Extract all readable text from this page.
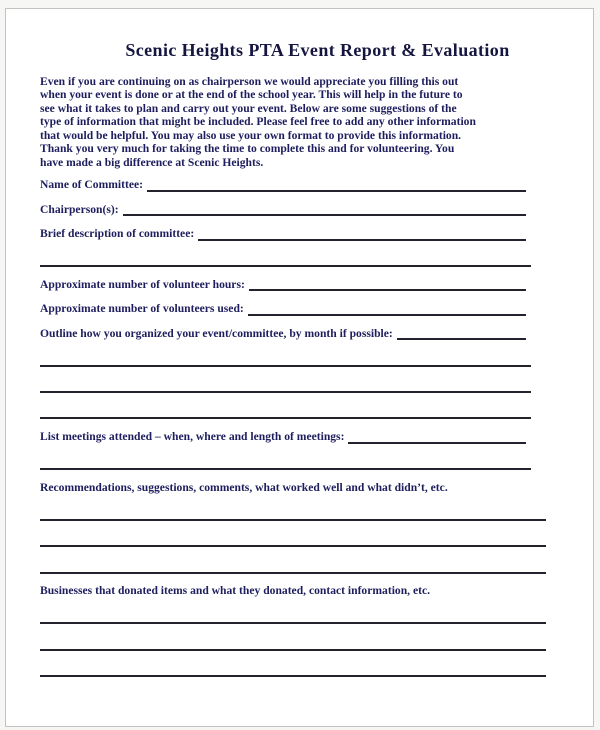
Scenic Heights PTA Event Report & Evaluation
Even if you are continuing on as chairperson we would appreciate you filling this out
when your event is done or at the end of the school year. This will help in the future to
see what it takes to plan and carry out your event. Below are some suggestions of the
type of information that might be included. Please feel free to add any other information
that would be helpful. You may also use your own format to provide this information.
Thank you very much for taking the time to complete this and for volunteering. You
have made a big difference at Scenic Heights.
Name of Committee:
Chairperson(s):
Brief description of committee:
Approximate number of volunteer hours:
Approximate number of volunteers used:
Outline how you organized your event/committee, by month if possible:
List meetings attended – when, where and length of meetings:
Recommendations, suggestions, comments, what worked well and what didn’t, etc.
Businesses that donated items and what they donated, contact information, etc.
